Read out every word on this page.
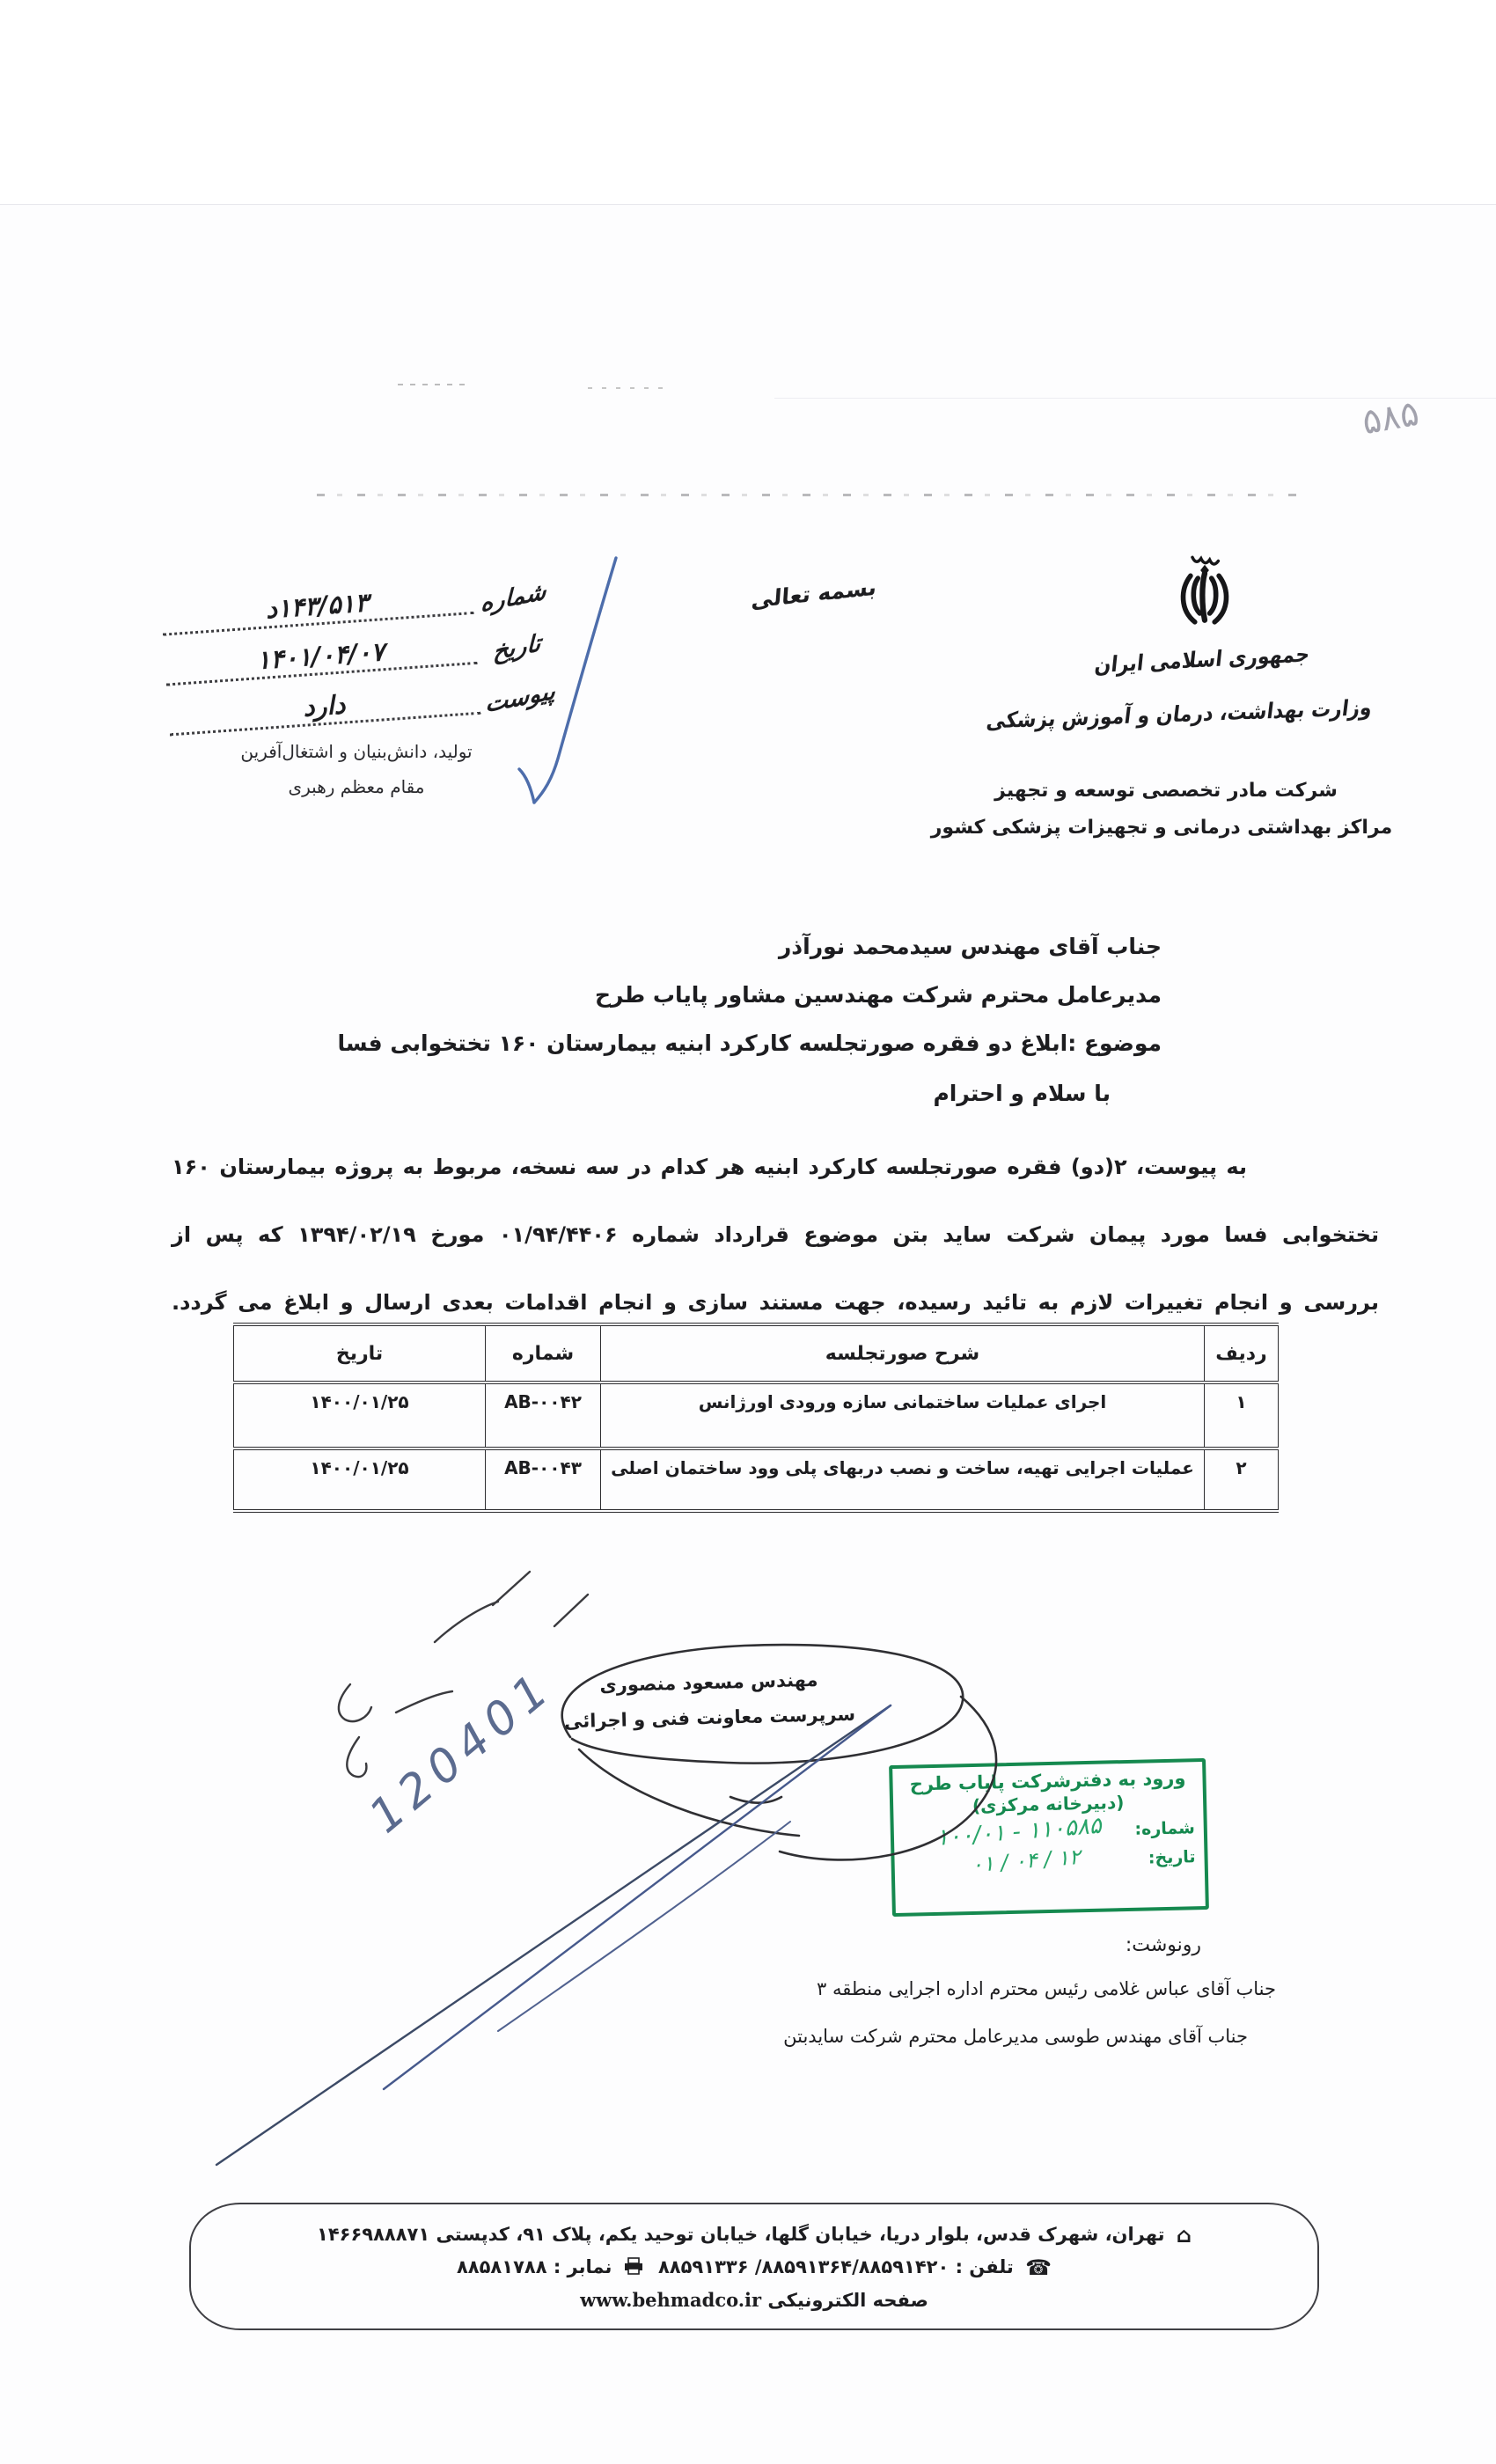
۵۸۵
شماره
۱۴۳/۵۱۳د
تاریخ
۱۴۰۱/۰۴/۰۷
پیوست
دارد
تولید، دانش‌بنیان و اشتغال‌آفرین
مقام معظم رهبری
بسمه تعالی
جمهوری اسلامی ایران
وزارت بهداشت، درمان و آموزش پزشکی
شرکت مادر تخصصی توسعه و تجهیز
مراکز بهداشتی درمانی و تجهیزات پزشکی کشور
جناب آقای مهندس سیدمحمد نورآذر
مدیرعامل محترم شرکت مهندسین مشاور پایاب طرح
موضوع :ابلاغ دو فقره صورتجلسه کارکرد ابنیه بیمارستان ۱۶۰ تختخوابی فسا
با سلام و احترام
به پیوست، ۲(دو) فقره صورتجلسه کارکرد ابنیه هر کدام در سه نسخه، مربوط به پروژه بیمارستان ۱۶۰
تختخوابی فسا مورد پیمان شرکت ساید بتن موضوع قرارداد شماره ۰۱/۹۴/۴۴۰۶ مورخ ۱۳۹۴/۰۲/۱۹ که پس از
بررسی و انجام تغییرات لازم به تائید رسیده، جهت مستند سازی و انجام اقدامات بعدی ارسال و ابلاغ می گردد.
ردیف	شرح صورتجلسه	شماره	تاریخ
۱	اجرای عملیات ساختمانی سازه ورودی اورژانس	AB-۰۰۴۲	۱۴۰۰/۰۱/۲۵
۲	عملیات اجرایی تهیه، ساخت و نصب دربهای پلی وود ساختمان اصلی	AB-۰۰۴۳	۱۴۰۰/۰۱/۲۵
مهندس مسعود منصوری
سرپرست معاونت فنی و اجرائی
120401	ورود به دفترشرکت پایاب طرح
(دبیرخانه مرکزی)
شماره:
۱۱۰۵۸۵ - ۱۰۰/۰۱
تاریخ:
۱۲ / ۰۴ / ۰۱
رونوشت:
جناب آقای عباس غلامی رئیس محترم اداره اجرایی منطقه ۳
جناب آقای مهندس طوسی مدیرعامل محترم شرکت سایدبتن
⌂ تهران، شهرک قدس، بلوار دریا، خیابان گلها، خیابان توحید یکم، پلاک ۹۱، کدپستی ۱۴۶۶۹۸۸۸۷۱
☎ تلفن : ۸۸۵۹۱۴۲۰/۸۸۵۹۱۳۶۴/ ۸۸۵۹۱۳۳۶  نمابر : ۸۸۵۸۱۷۸۸
صفحه الکترونیکی www.behmadco.ir
